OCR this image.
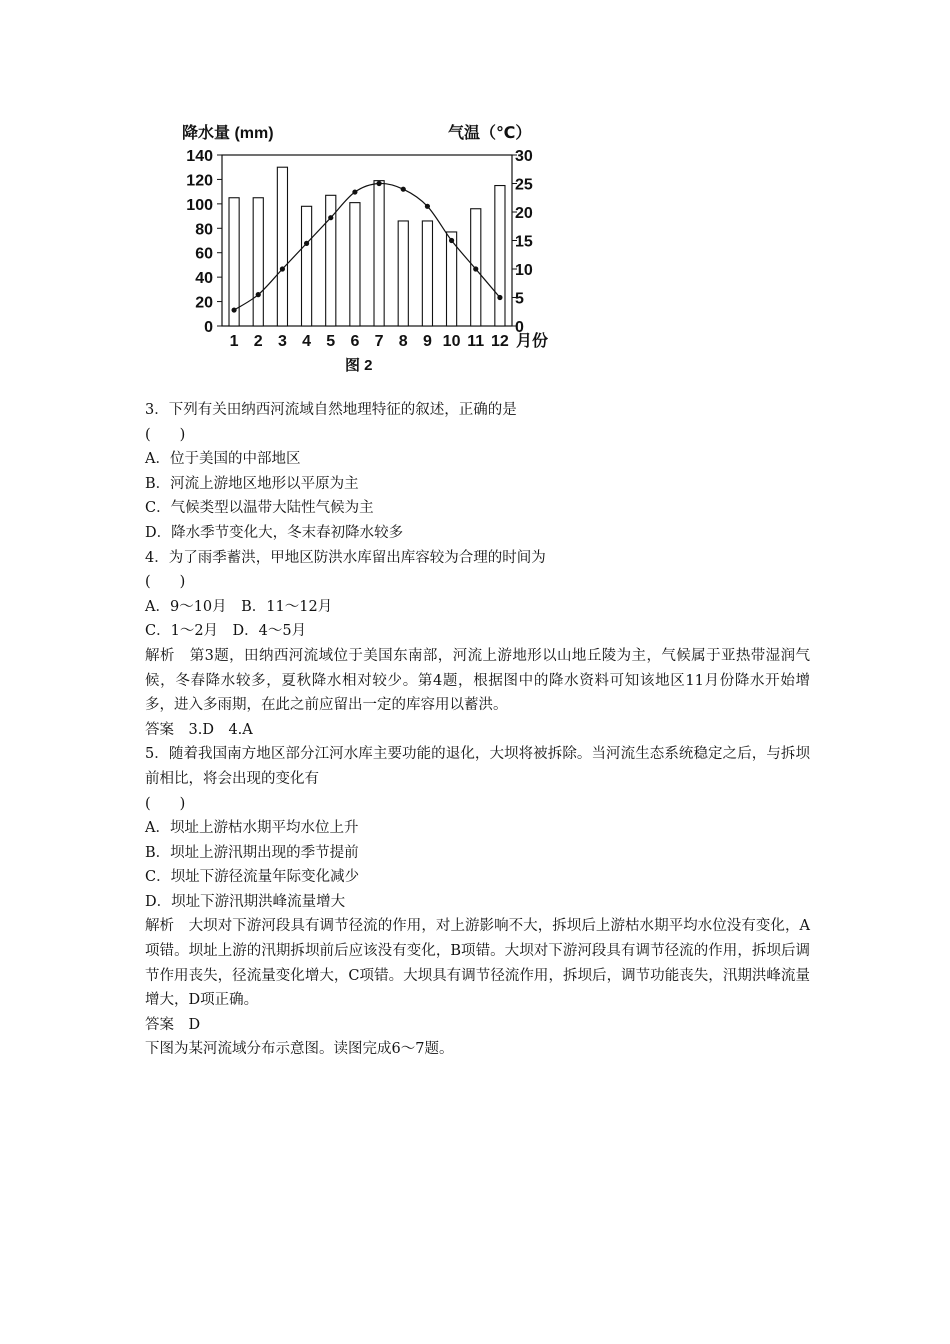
降水量 (mm)	气温（℃）
0
20
40
60
80
100
120
140
0
5
10
15
20
25
30
1 2 3 4 5 6 7 8 9 10 11 12 月份
图 2

3．下列有关田纳西河流域自然地理特征的叙述，正确的是

(　　)

A．位于美国的中部地区

B．河流上游地区地形以平原为主

C．气候类型以温带大陆性气候为主

D．降水季节变化大，冬末春初降水较多

4．为了雨季蓄洪，甲地区防洪水库留出库容较为合理的时间为

(　　)

A．9～10月　B．11～12月

C．1～2月　D．4～5月

解析　第3题，田纳西河流域位于美国东南部，河流上游地形以山地丘陵为主，气候属于亚热带湿润气候，冬春降水较多，夏秋降水相对较少。第4题，根据图中的降水资料可知该地区11月份降水开始增多，进入多雨期，在此之前应留出一定的库容用以蓄洪。

答案　3.D　4.A

5．随着我国南方地区部分江河水库主要功能的退化，大坝将被拆除。当河流生态系统稳定之后，与拆坝前相比，将会出现的变化有

(　　)

A．坝址上游枯水期平均水位上升

B．坝址上游汛期出现的季节提前

C．坝址下游径流量年际变化减少

D．坝址下游汛期洪峰流量增大

解析　大坝对下游河段具有调节径流的作用，对上游影响不大，拆坝后上游枯水期平均水位没有变化，A项错。坝址上游的汛期拆坝前后应该没有变化，B项错。大坝对下游河段具有调节径流的作用，拆坝后调节作用丧失，径流量变化增大，C项错。大坝具有调节径流作用，拆坝后，调节功能丧失，汛期洪峰流量增大，D项正确。

答案　D

下图为某河流域分布示意图。读图完成6～7题。
